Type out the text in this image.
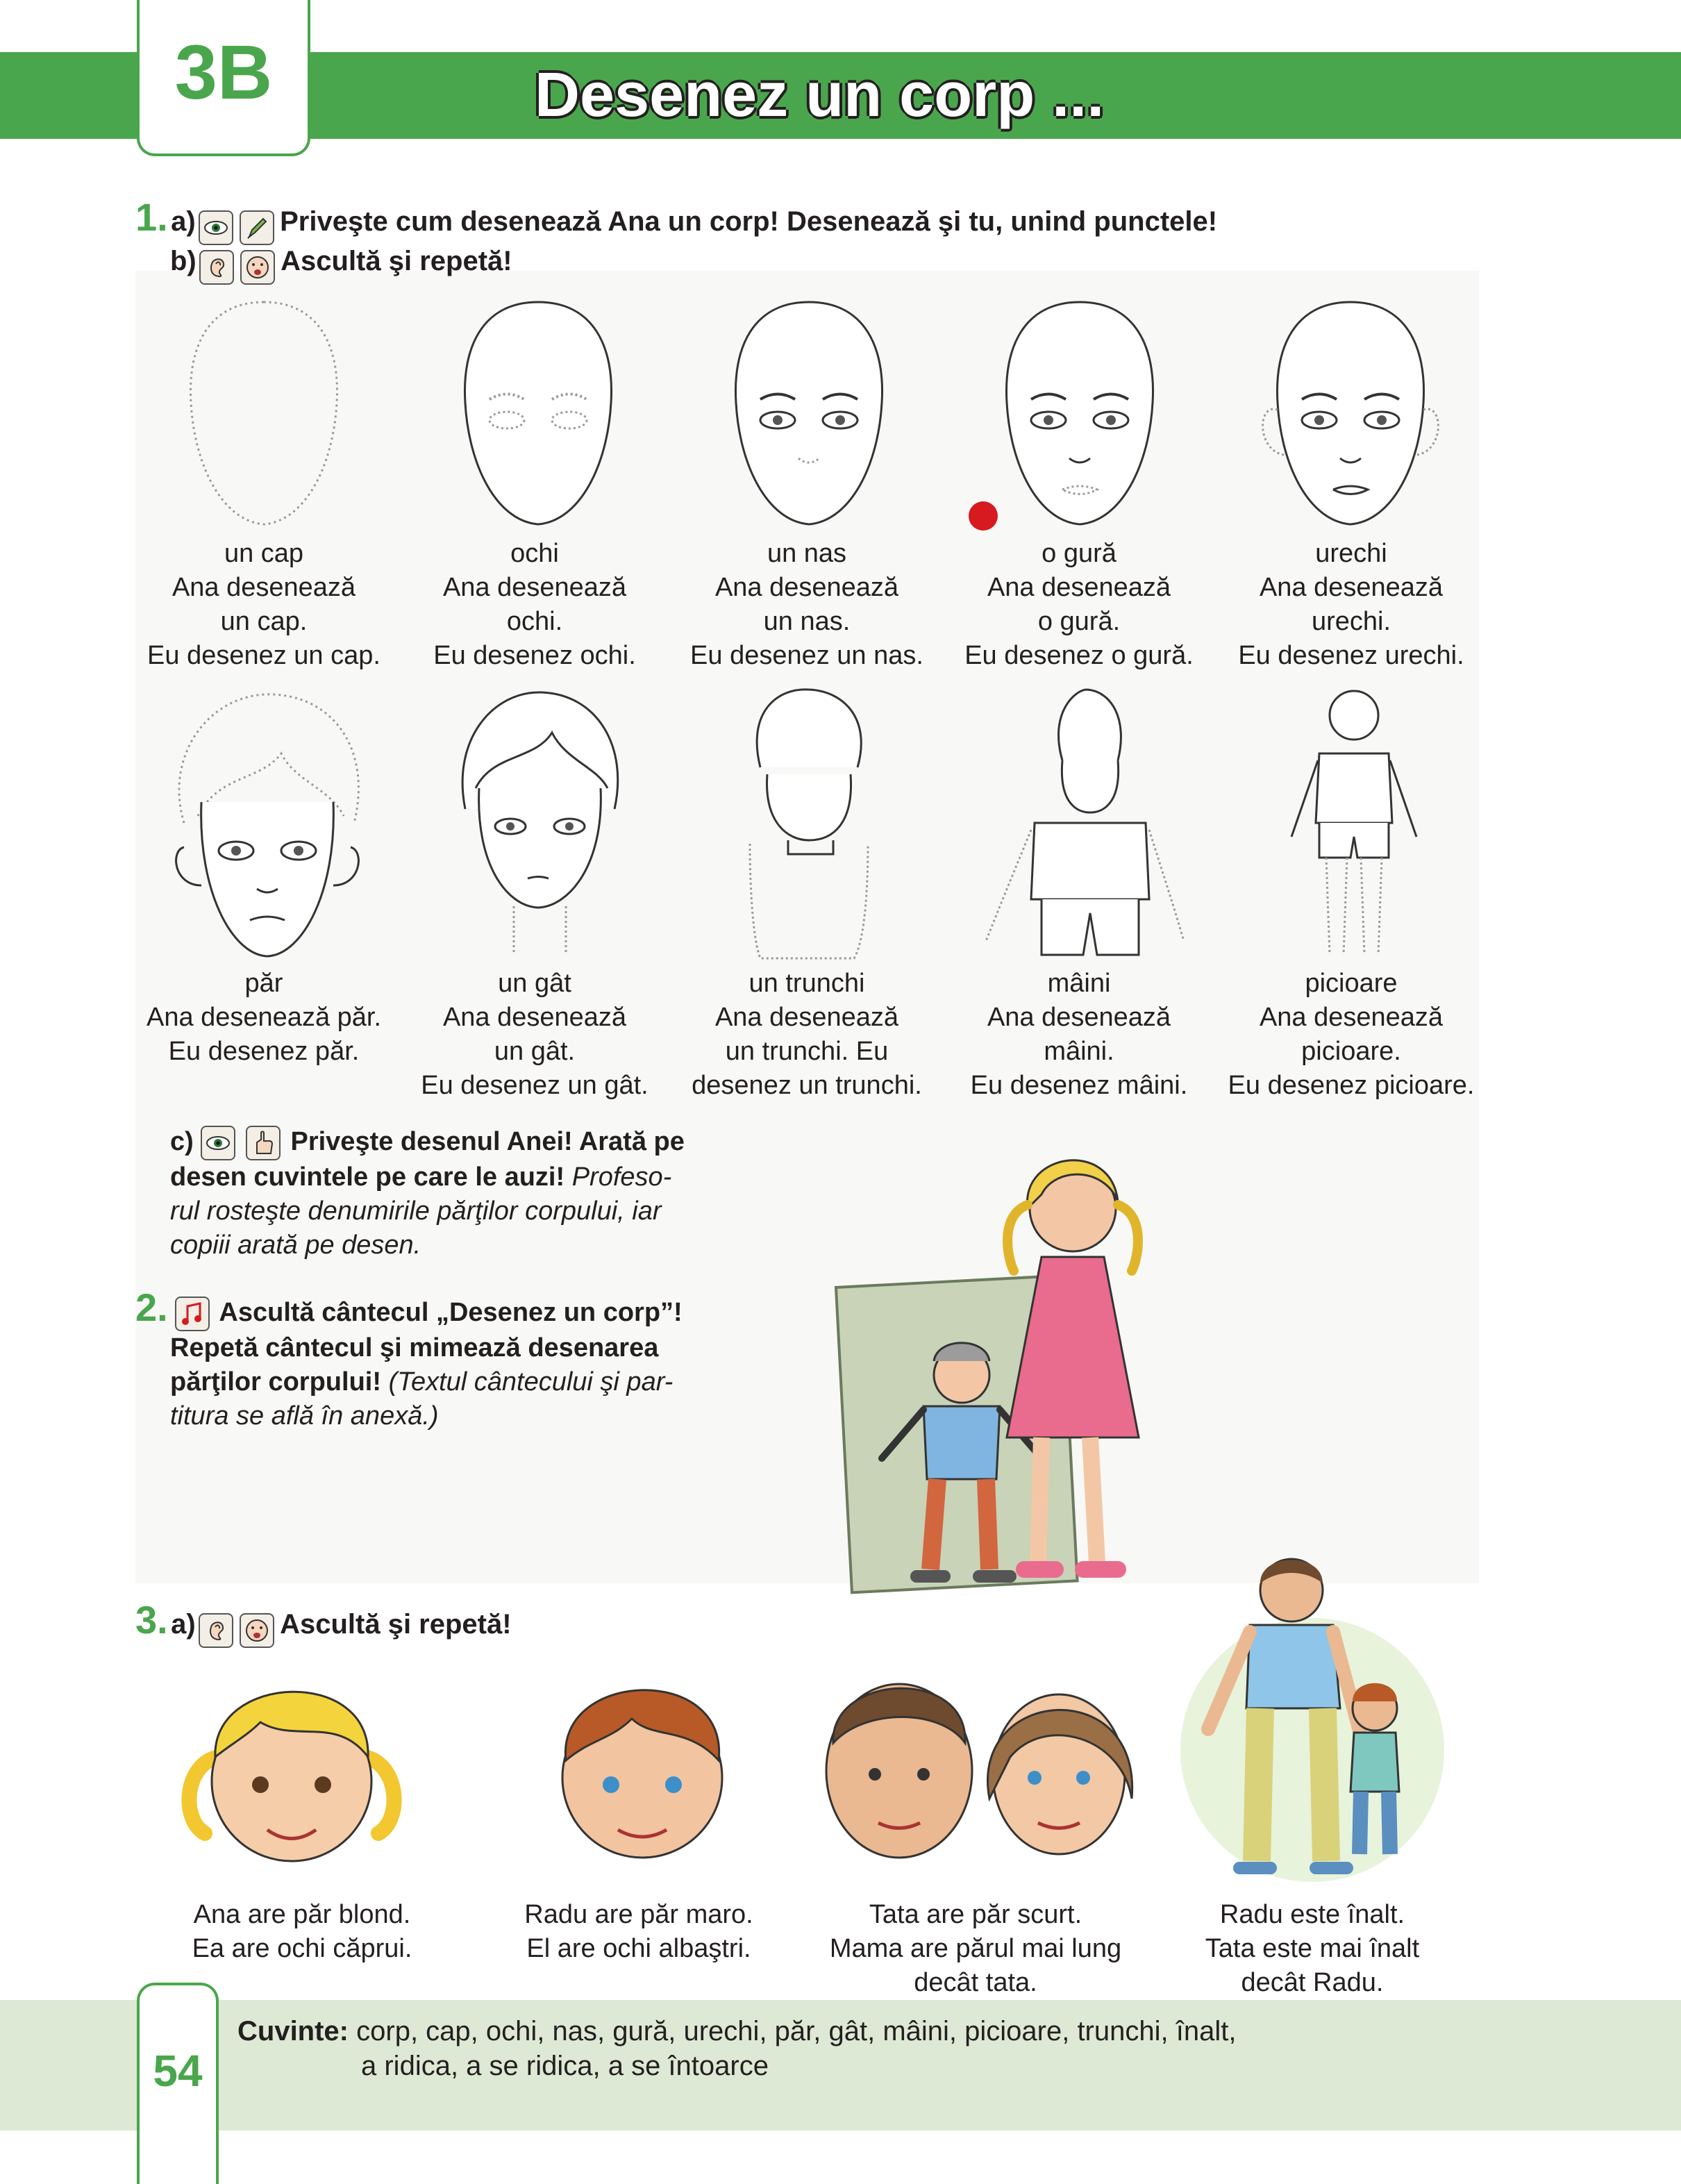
3B	Desenez un corp ...
1. a)
	Priveşte cum desenează Ana un corp! Desenează şi tu, unind punctele!
b)
	Ascultă şi repetă!
un cap
Ana desenează
un cap.
Eu desenez un cap.
ochi
Ana desenează
ochi.
Eu desenez ochi.
un nas
Ana desenează
un nas.
Eu desenez un nas.
o gură
Ana desenează
o gură.
Eu desenez o gură.
urechi
Ana desenează
urechi.
Eu desenez urechi.
păr
Ana desenează păr.
Eu desenez păr.
un gât
Ana desenează
un gât.
Eu desenez un gât.
un trunchi
Ana desenează
un trunchi. Eu
desenez un trunchi.
mâini
Ana desenează
mâini.
Eu desenez mâini.
picioare
Ana desenează
picioare.
Eu desenez picioare.
c)
	Priveşte desenul Anei! Arată pe
desen cuvintele pe care le auzi! Profeso-
rul rosteşte denumirile părţilor corpului, iar
copiii arată pe desen.
2. Ascultă cântecul „Desenez un corp”!
Repetă cântecul şi mimează desenarea
părţilor corpului! (Textul cântecului şi par-
titura se află în anexă.)
3. a)
	Ascultă şi repetă!
Ana are păr blond.
Ea are ochi căprui.
Radu are păr maro.
El are ochi albaştri.
Tata are păr scurt.
Mama are părul mai lung
decât tata.
Radu este înalt.
Tata este mai înalt
decât Radu.
54
Cuvinte: corp, cap, ochi, nas, gură, urechi, păr, gât, mâini, picioare, trunchi, înalt,
a ridica, a se ridica, a se întoarce
